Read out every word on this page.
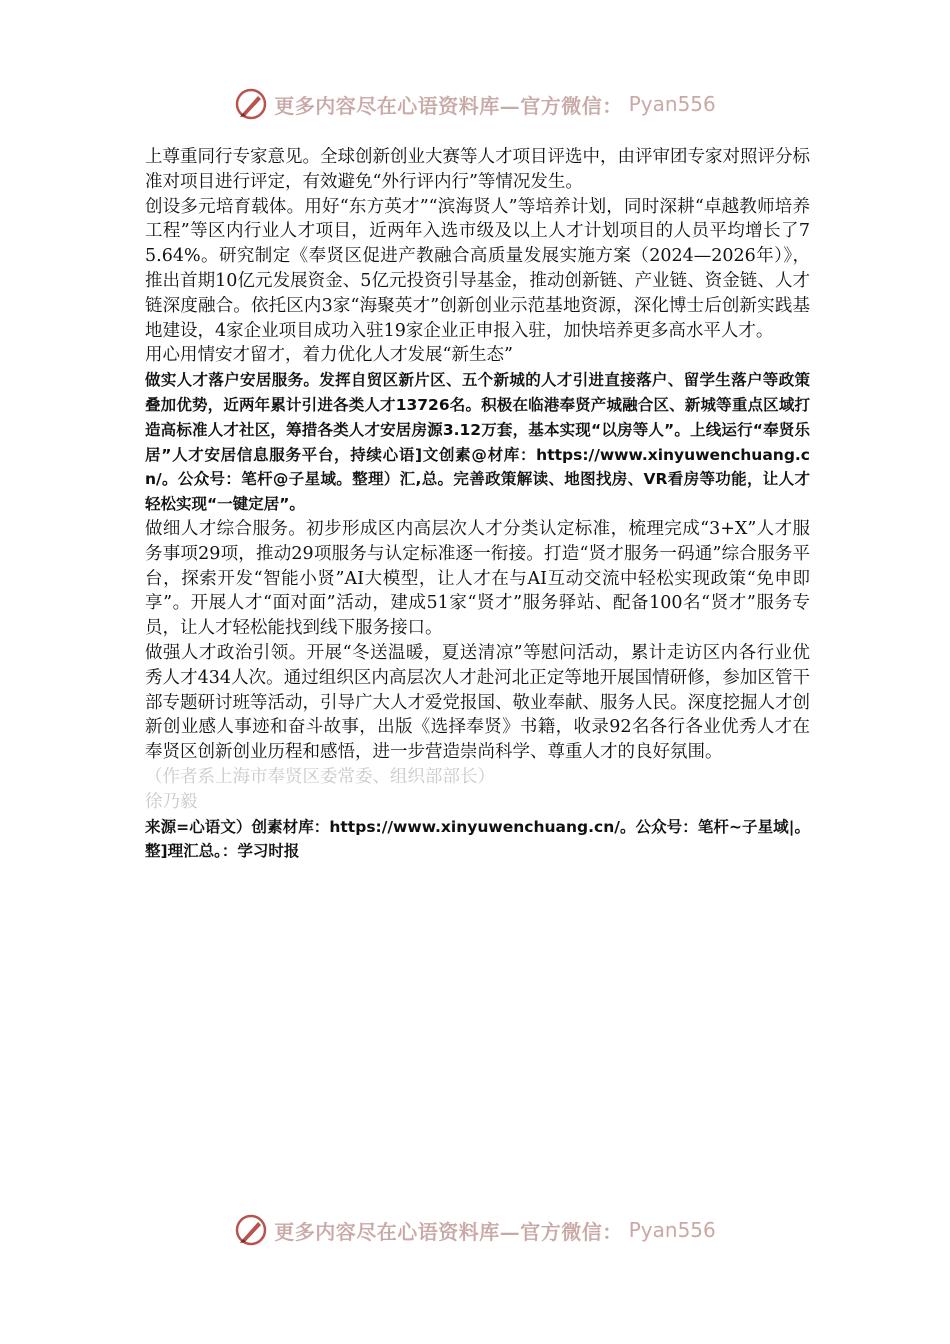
更多内容尽在心语资料库—官方微信： Pyan556

上尊重同行专家意见。全球创新创业大赛等人才项目评选中，由评审团专家对照评分标准对项目进行评定，有效避免“外行评内行”等情况发生。

创设多元培育载体。用好“东方英才”“滨海贤人”等培养计划，同时深耕“卓越教师培养工程”等区内行业人才项目，近两年入选市级及以上人才计划项目的人员平均增长了75.64%。研究制定《奉贤区促进产教融合高质量发展实施方案（2024—2026年）》，推出首期10亿元发展资金、5亿元投资引导基金，推动创新链、产业链、资金链、人才链深度融合。依托区内3家“海聚英才”创新创业示范基地资源，深化博士后创新实践基地建设，4家企业项目成功入驻19家企业正申报入驻，加快培养更多高水平人才。

用心用情安才留才，着力优化人才发展“新生态”

做实人才落户安居服务。发挥自贸区新片区、五个新城的人才引进直接落户、留学生落户等政策叠加优势，近两年累计引进各类人才13726名。积极在临港奉贤产城融合区、新城等重点区域打造高标准人才社区，筹措各类人才安居房源3.12万套，基本实现“以房等人”。上线运行“奉贤乐居”人才安居信息服务平台，持续心语]文创素@材库：https://www.xinyuwenchuang.cn/。公众号：笔杆@子星域。整理）汇,总。完善政策解读、地图找房、VR看房等功能，让人才轻松实现“一键定居”。

做细人才综合服务。初步形成区内高层次人才分类认定标准，梳理完成“3+X”人才服务事项29项，推动29项服务与认定标准逐一衔接。打造“贤才服务一码通”综合服务平台，探索开发“智能小贤”AI大模型，让人才在与AI互动交流中轻松实现政策“免申即享”。开展人才“面对面”活动，建成51家“贤才”服务驿站、配备100名“贤才”服务专员，让人才轻松能找到线下服务接口。

做强人才政治引领。开展“冬送温暖，夏送清凉”等慰问活动，累计走访区内各行业优秀人才434人次。通过组织区内高层次人才赴河北正定等地开展国情研修，参加区管干部专题研讨班等活动，引导广大人才爱党报国、敬业奉献、服务人民。深度挖掘人才创新创业感人事迹和奋斗故事，出版《选择奉贤》书籍，收录92名各行各业优秀人才在奉贤区创新创业历程和感悟，进一步营造崇尚科学、尊重人才的良好氛围。

（作者系上海市奉贤区委常委、组织部部长）

徐乃毅

来源=心语文）创素材库：https://www.xinyuwenchuang.cn/。公众号：笔杆~子星域|。整]理汇总。：学习时报

更多内容尽在心语资料库—官方微信： Pyan556
